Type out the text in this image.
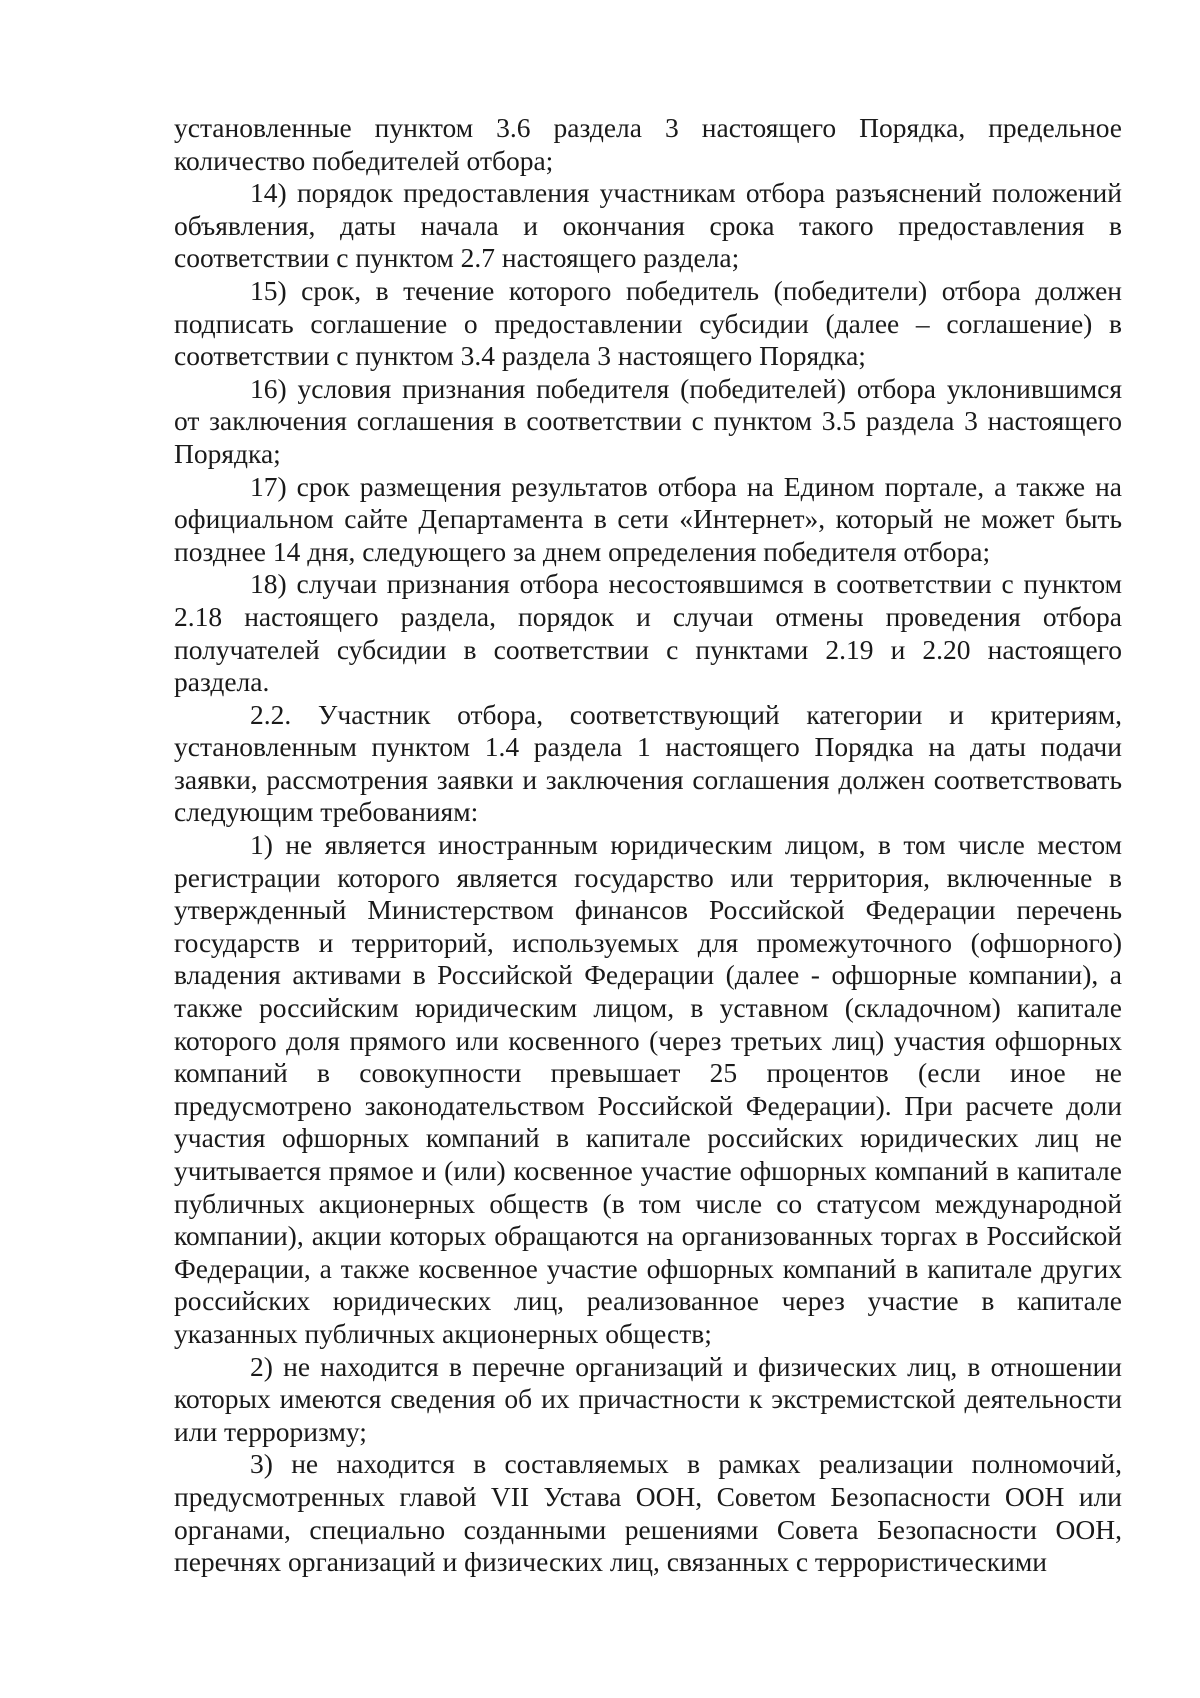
установленные пунктом 3.6 раздела 3 настоящего Порядка, предельное количество победителей отбора;

14) порядок предоставления участникам отбора разъяснений положений объявления, даты начала и окончания срока такого предоставления в соответствии с пунктом 2.7 настоящего раздела;

15) срок, в течение которого победитель (победители) отбора должен подписать соглашение о предоставлении субсидии (далее – соглашение) в соответствии с пунктом 3.4 раздела 3 настоящего Порядка;

16) условия признания победителя (победителей) отбора уклонившимся от заключения соглашения в соответствии с пунктом 3.5 раздела 3 настоящего Порядка;

17) срок размещения результатов отбора на Едином портале, а также на официальном сайте Департамента в сети «Интернет», который не может быть позднее 14 дня, следующего за днем определения победителя отбора;

18) случаи признания отбора несостоявшимся в соответствии с пунктом 2.18 настоящего раздела, порядок и случаи отмены проведения отбора получателей субсидии в соответствии с пунктами 2.19 и 2.20 настоящего раздела.

2.2. Участник отбора, соответствующий категории и критериям, установленным пунктом 1.4 раздела 1 настоящего Порядка на даты подачи заявки, рассмотрения заявки и заключения соглашения должен соответствовать следующим требованиям:

1) не является иностранным юридическим лицом, в том числе местом регистрации которого является государство или территория, включенные в утвержденный Министерством финансов Российской Федерации перечень государств и территорий, используемых для промежуточного (офшорного) владения активами в Российской Федерации (далее - офшорные компании), а также российским юридическим лицом, в уставном (складочном) капитале которого доля прямого или косвенного (через третьих лиц) участия офшорных компаний в совокупности превышает 25 процентов (если иное не предусмотрено законодательством Российской Федерации). При расчете доли участия офшорных компаний в капитале российских юридических лиц не учитывается прямое и (или) косвенное участие офшорных компаний в капитале публичных акционерных обществ (в том числе со статусом международной компании), акции которых обращаются на организованных торгах в Российской Федерации, а также косвенное участие офшорных компаний в капитале других российских юридических лиц, реализованное через участие в капитале указанных публичных акционерных обществ;

2) не находится в перечне организаций и физических лиц, в отношении которых имеются сведения об их причастности к экстремистской деятельности или терроризму;

3) не находится в составляемых в рамках реализации полномочий, предусмотренных главой VII Устава ООН, Советом Безопасности ООН или органами, специально созданными решениями Совета Безопасности ООН, перечнях организаций и физических лиц, связанных с террористическими
